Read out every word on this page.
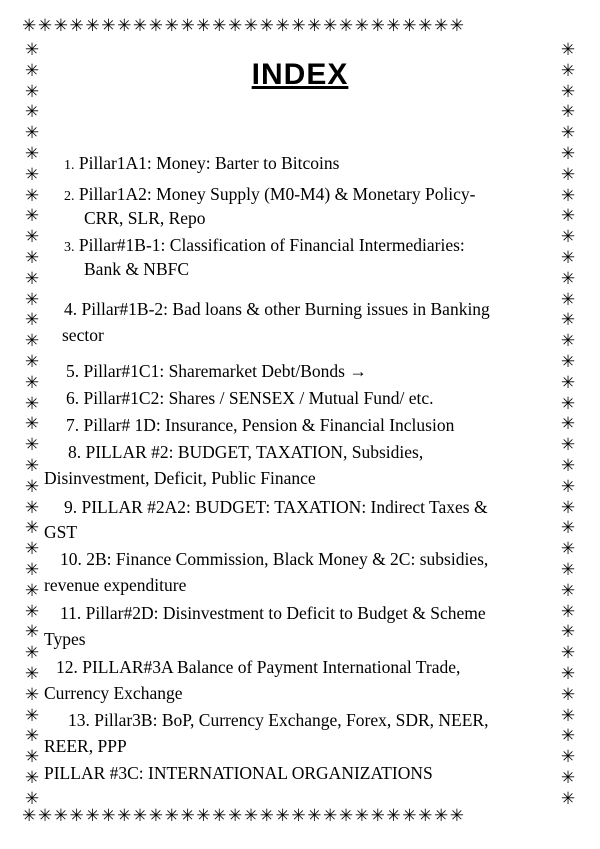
✳✳✳✳✳✳✳✳✳✳✳✳✳✳✳✳✳✳✳✳✳✳✳✳✳✳✳✳
✳✳✳✳✳✳✳✳✳✳✳✳✳✳✳✳✳✳✳✳✳✳✳✳✳✳✳✳
✳✳✳✳✳✳✳✳✳✳✳✳✳✳✳✳✳✳✳✳✳✳✳✳✳✳✳✳✳✳✳✳✳✳✳✳✳
✳✳✳✳✳✳✳✳✳✳✳✳✳✳✳✳✳✳✳✳✳✳✳✳✳✳✳✳✳✳✳✳✳✳✳✳✳
INDEX
1. Pillar1A1: Money: Barter to Bitcoins
2. Pillar1A2: Money Supply (M0-M4) & Monetary Policy-
CRR, SLR, Repo
3. Pillar#1B-1: Classification of Financial Intermediaries:
Bank & NBFC
4. Pillar#1B-2: Bad loans & other Burning issues in Banking
sector
5. Pillar#1C1: Sharemarket Debt/Bonds →
6. Pillar#1C2: Shares / SENSEX / Mutual Fund/ etc.
7. Pillar# 1D: Insurance, Pension & Financial Inclusion
8. PILLAR #2: BUDGET, TAXATION, Subsidies,
Disinvestment, Deficit, Public Finance
9. PILLAR #2A2: BUDGET: TAXATION: Indirect Taxes &
GST
10. 2B: Finance Commission, Black Money & 2C: subsidies,
revenue expenditure
11. Pillar#2D: Disinvestment to Deficit to Budget & Scheme
Types
12. PILLAR#3A Balance of Payment International Trade,
Currency Exchange
13. Pillar3B: BoP, Currency Exchange, Forex, SDR, NEER,
REER, PPP
PILLAR #3C: INTERNATIONAL ORGANIZATIONS
